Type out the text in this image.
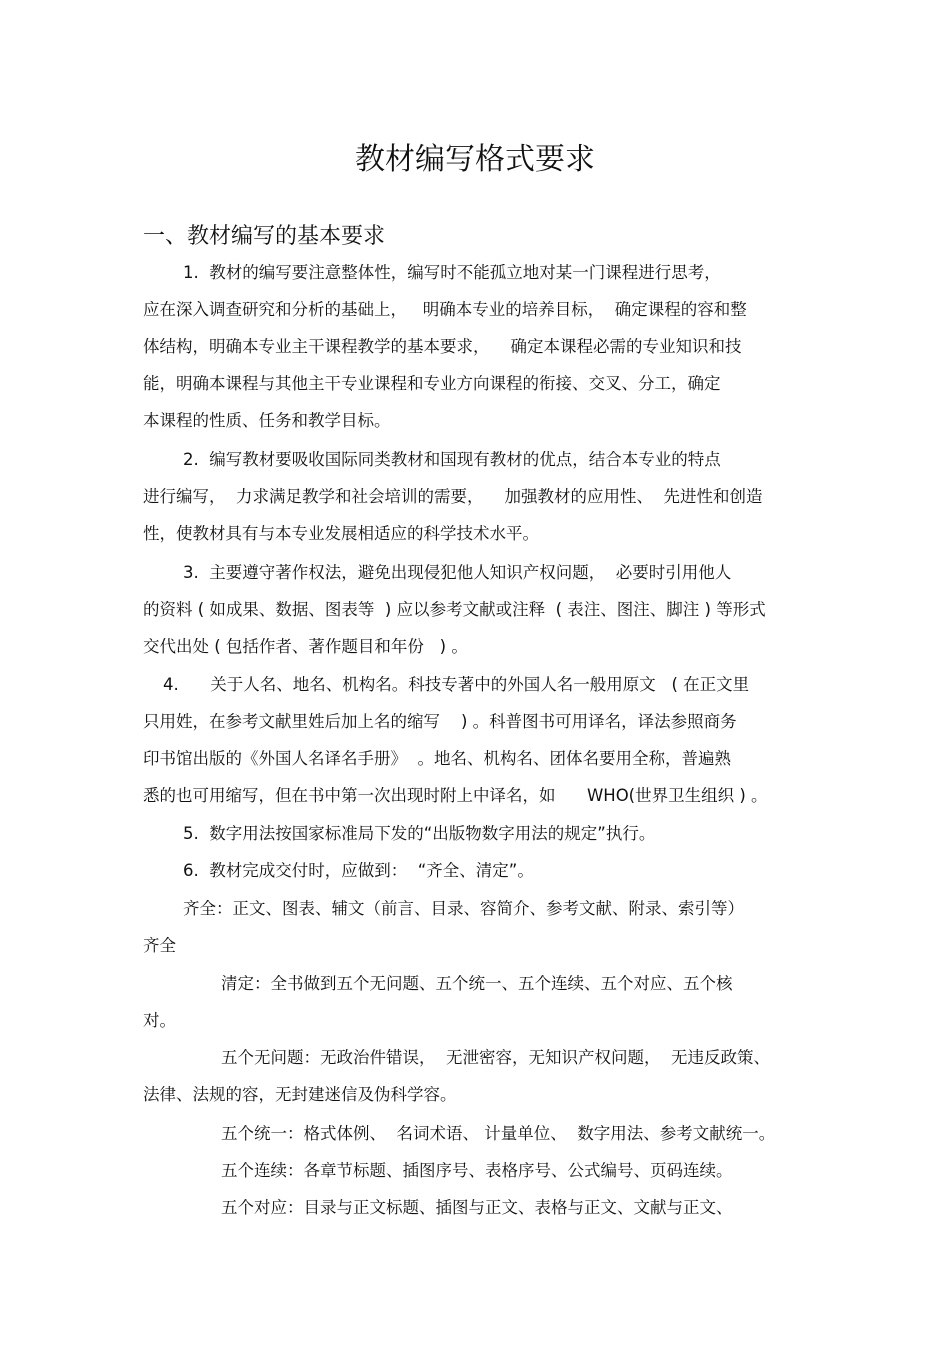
教材编写格式要求
一、教材编写的基本要求
1.  教材的编写要注意整体性，编写时不能孤立地对某一门课程进行思考，
应在深入调查研究和分析的基础上，   明确本专业的培养目标，  确定课程的容和整
体结构，明确本专业主干课程教学的基本要求，    确定本课程必需的专业知识和技
能，明确本课程与其他主干专业课程和专业方向课程的衔接、交叉、分工，确定
本课程的性质、任务和教学目标。
2.  编写教材要吸收国际同类教材和国现有教材的优点，结合本专业的特点
进行编写，  力求满足教学和社会培训的需要，    加强教材的应用性、  先进性和创造
性，使教材具有与本专业发展相适应的科学技术水平。
3.  主要遵守著作权法，避免出现侵犯他人知识产权问题，  必要时引用他人
的资料 ( 如成果、数据、图表等  ) 应以参考文献或注释  ( 表注、图注、脚注 ) 等形式
交代出处 ( 包括作者、著作题目和年份   ) 。
4.      关于人名、地名、机构名。科技专著中的外国人名一般用原文   ( 在正文里
只用姓，在参考文献里姓后加上名的缩写    ) 。科普图书可用译名，译法参照商务
印书馆出版的《外国人名译名手册》  。地名、机构名、团体名要用全称，普遍熟
悉的也可用缩写，但在书中第一次出现时附上中译名，如      WHO(世界卫生组织 ) 。
5.  数字用法按国家标准局下发的“出版物数字用法的规定”执行。
6.  教材完成交付时，应做到：  “齐全、清定”。
齐全：正文、图表、辅文（前言、目录、容简介、参考文献、附录、索引等）
齐全
清定：全书做到五个无问题、五个统一、五个连续、五个对应、五个核
对。
五个无问题：无政治件错误，  无泄密容，无知识产权问题，  无违反政策、
法律、法规的容，无封建迷信及伪科学容。
五个统一：格式体例、  名词术语、 计量单位、  数字用法、参考文献统一。
五个连续：各章节标题、插图序号、表格序号、公式编号、页码连续。
五个对应：目录与正文标题、插图与正文、表格与正文、文献与正文、
